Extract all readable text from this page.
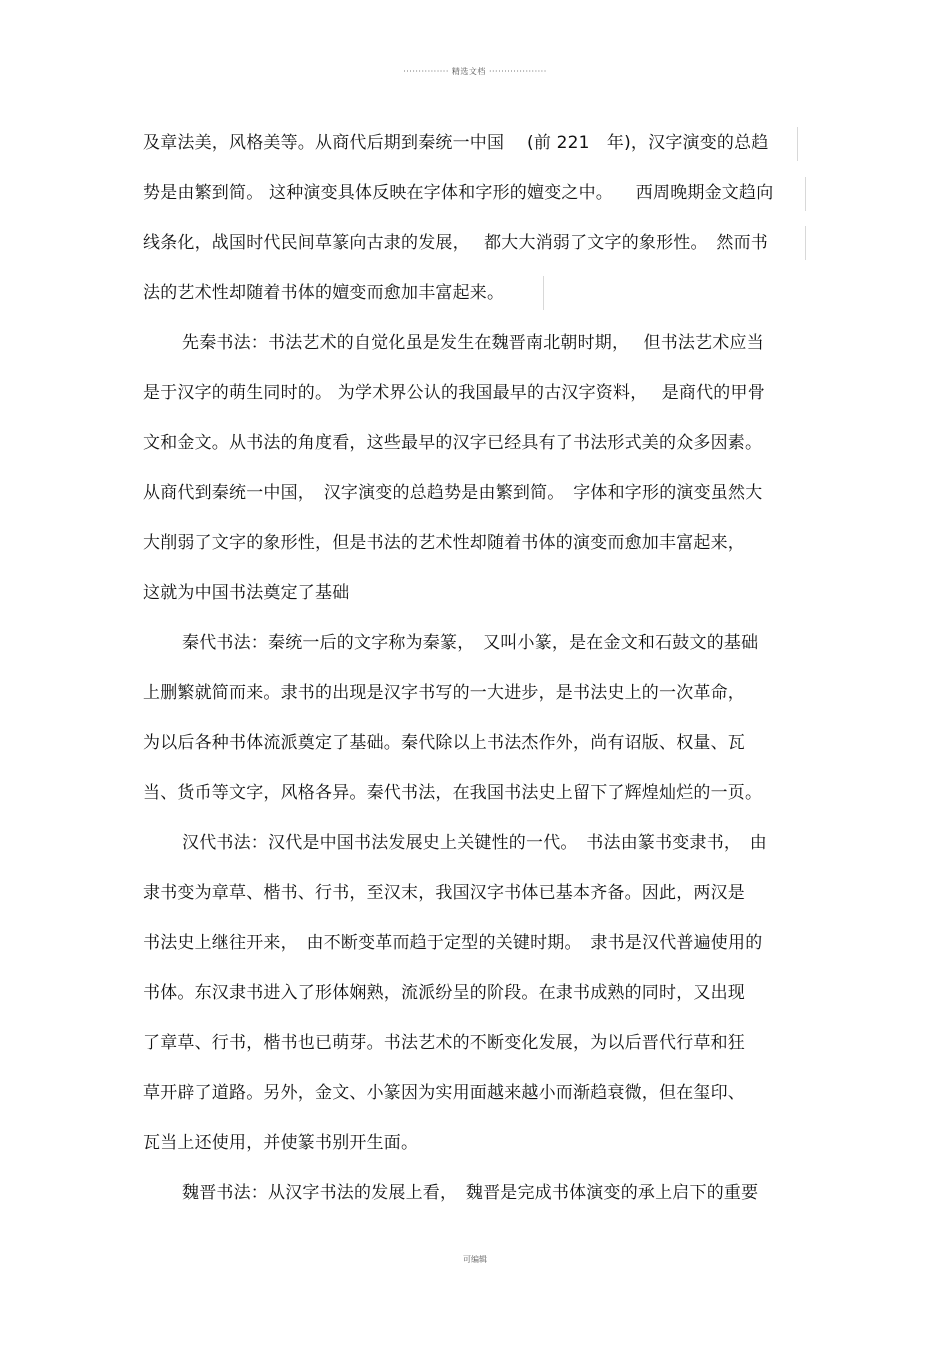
··············· 精选文档 ···················
及章法美，风格美等。从商代后期到秦统一中国 　(前 221　年)，汉字演变的总趋
势是由繁到简。 这种演变具体反映在字体和字形的嬗变之中。 　西周晚期金文趋向
线条化，战国时代民间草篆向古隶的发展，　 都大大消弱了文字的象形性。　然而书
法的艺术性却随着书体的嬗变而愈加丰富起来。
先秦书法：书法艺术的自觉化虽是发生在魏晋南北朝时期，　 但书法艺术应当
是于汉字的萌生同时的。 为学术界公认的我国最早的古汉字资料，　 是商代的甲骨
文和金文。从书法的角度看，这些最早的汉字已经具有了书法形式美的众多因素。
从商代到秦统一中国，　汉字演变的总趋势是由繁到简。　字体和字形的演变虽然大
大削弱了文字的象形性，但是书法的艺术性却随着书体的演变而愈加丰富起来，
这就为中国书法奠定了基础
秦代书法：秦统一后的文字称为秦篆，　又叫小篆，是在金文和石鼓文的基础
上删繁就简而来。隶书的出现是汉字书写的一大进步，是书法史上的一次革命，
为以后各种书体流派奠定了基础。秦代除以上书法杰作外，尚有诏版、权量、瓦
当、货币等文字，风格各异。秦代书法，在我国书法史上留下了辉煌灿烂的一页。
汉代书法：汉代是中国书法发展史上关键性的一代。　书法由篆书变隶书，　由
隶书变为章草、楷书、行书，至汉末，我国汉字书体已基本齐备。因此，两汉是
书法史上继往开来，　由不断变革而趋于定型的关键时期。　隶书是汉代普遍使用的
书体。东汉隶书进入了形体娴熟，流派纷呈的阶段。在隶书成熟的同时，又出现
了章草、行书，楷书也已萌芽。书法艺术的不断变化发展，为以后晋代行草和狂
草开辟了道路。另外，金文、小篆因为实用面越来越小而渐趋衰微，但在玺印、
瓦当上还使用，并使篆书别开生面。
魏晋书法：从汉字书法的发展上看，　魏晋是完成书体演变的承上启下的重要
可编辑
